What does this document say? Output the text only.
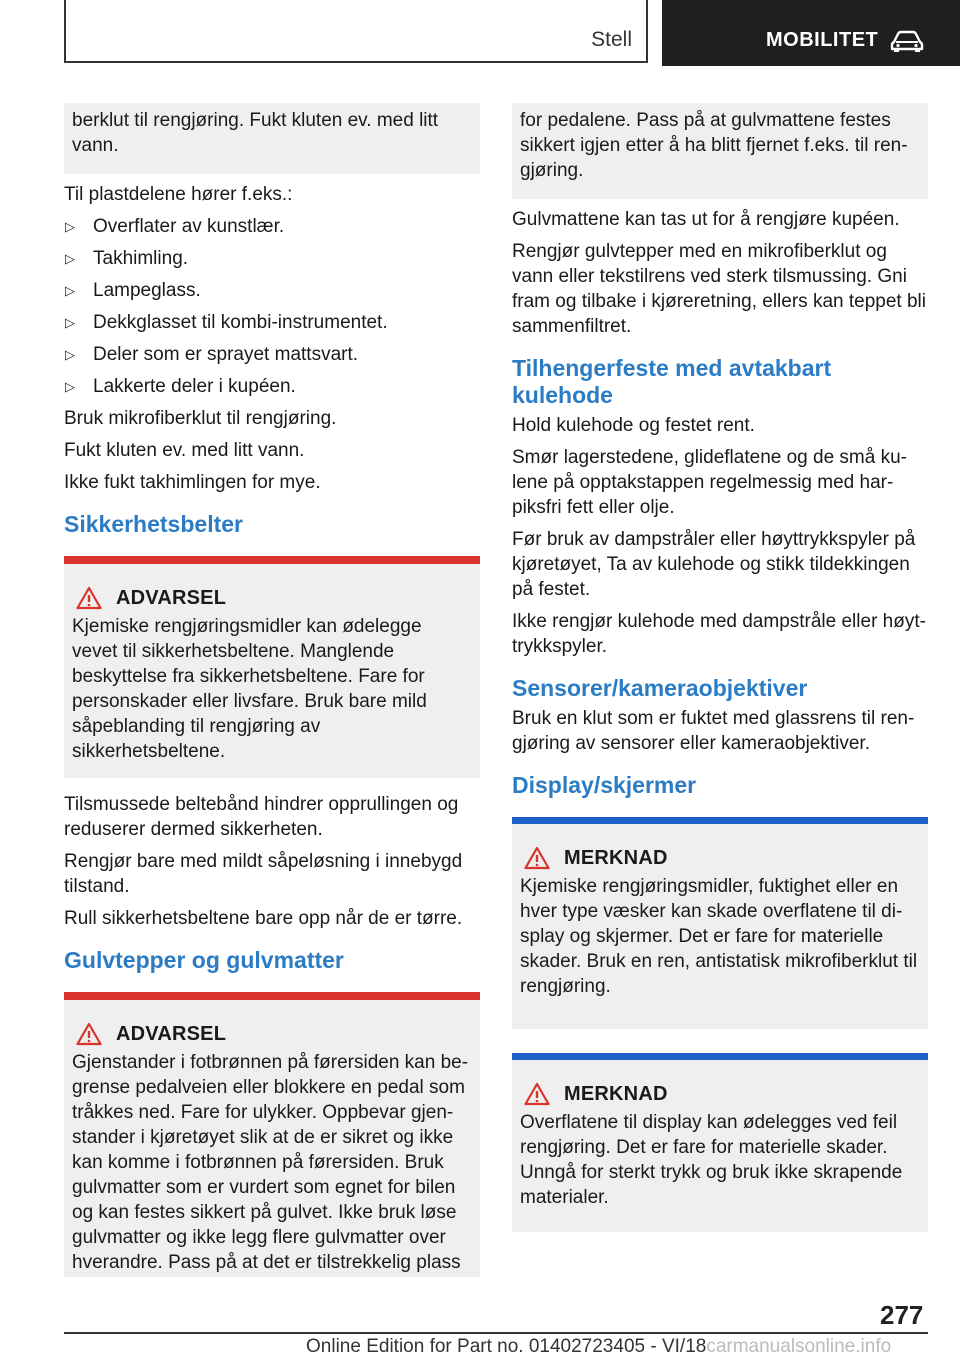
Stell	MOBILITET
berklut til rengjøring. Fukt kluten ev. med litt vann.

Til plastdelene hører f.eks.:

▷ Overflater av kunstlær.
▷ Takhimling.
▷ Lampeglass.
▷ Dekkglasset til kombi-instrumentet.
▷ Deler som er sprayet mattsvart.
▷ Lakkerte deler i kupéen.

Bruk mikrofiberklut til rengjøring.

Fukt kluten ev. med litt vann.

Ikke fukt takhimlingen for mye.

Sikkerhetsbelter
ADVARSEL

Kjemiske rengjøringsmidler kan ødelegge vevet til sikkerhetsbeltene. Manglende beskyttelse fra sikkerhetsbeltene. Fare for personskader eller livsfare. Bruk bare mild såpeblanding til rengjøring av sikkerhetsbeltene.

Tilsmussede beltebånd hindrer opprullingen og reduserer dermed sikkerheten.

Rengjør bare med mildt såpeløsning i innebygd tilstand.

Rull sikkerhetsbeltene bare opp når de er tørre.

Gulvtepper og gulvmatter
ADVARSEL

Gjenstander i fotbrønnen på førersiden kan begrense pedalveien eller blokkere en pedal som tråkkes ned. Fare for ulykker. Oppbevar gjenstander i kjøretøyet slik at de er sikret og ikke kan komme i fotbrønnen på førersiden. Bruk gulvmatter som er vurdert som egnet for bilen og kan festes sikkert på gulvet. Ikke bruk løse gulvmatter og ikke legg flere gulvmatter over hverandre. Pass på at det er tilstrekkelig plass

for pedalene. Pass på at gulvmattene festes sikkert igjen etter å ha blitt fjernet f.eks. til rengjøring.

Gulvmattene kan tas ut for å rengjøre kupéen.

Rengjør gulvtepper med en mikrofiberklut og vann eller tekstilrens ved sterk tilsmussing. Gni fram og tilbake i kjøreretning, ellers kan teppet bli sammenfiltret.

Tilhengerfeste med avtakbart kulehode

Hold kulehode og festet rent.

Smør lagerstedene, glideflatene og de små kulene på opptakstappen regelmessig med harpiksfri fett eller olje.

Før bruk av dampstråler eller høyttrykkspyler på kjøretøyet, Ta av kulehode og stikk tildekkingen på festet.

Ikke rengjør kulehode med dampstråle eller høyttrykkspyler.

Sensorer/kameraobjektiver

Bruk en klut som er fuktet med glassrens til rengjøring av sensorer eller kameraobjektiver.

Display/skjermer
MERKNAD

Kjemiske rengjøringsmidler, fuktighet eller en hver type væsker kan skade overflatene til display og skjermer. Det er fare for materielle skader. Bruk en ren, antistatisk mikrofiberklut til rengjøring.

MERKNAD

Overflatene til display kan ødelegges ved feil rengjøring. Det er fare for materielle skader. Unngå for sterkt trykk og bruk ikke skrapende materialer.

277
Online Edition for Part no. 01402723405 - VI/18carmanualsonline.info
